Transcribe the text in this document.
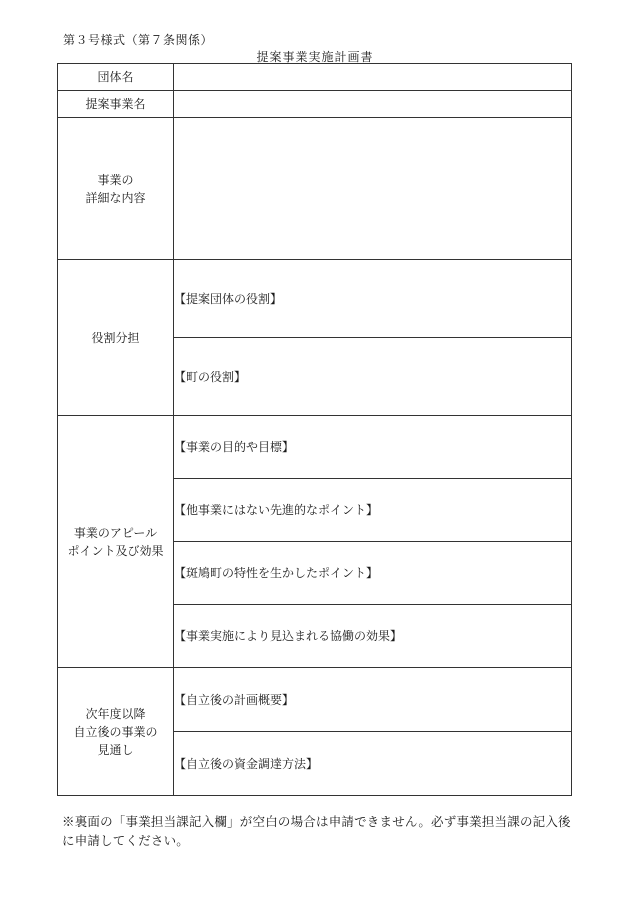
第３号様式（第７条関係）
提案事業実施計画書
団体名	
提案事業名	

事業の
詳細な内容	

役割分担	【提案団体の役割】
	【町の役割】

事業のアピール
ポイント及び効果	【事業の目的や目標】
	【他事業にはない先進的なポイント】
	【斑鳩町の特性を生かしたポイント】
	【事業実施により見込まれる協働の効果】

次年度以降
自立後の事業の
見通し	【自立後の計画概要】
	【自立後の資金調達方法】
※裏面の「事業担当課記入欄」が空白の場合は申請できません。必ず事業担当課の記入後に申請してください。
